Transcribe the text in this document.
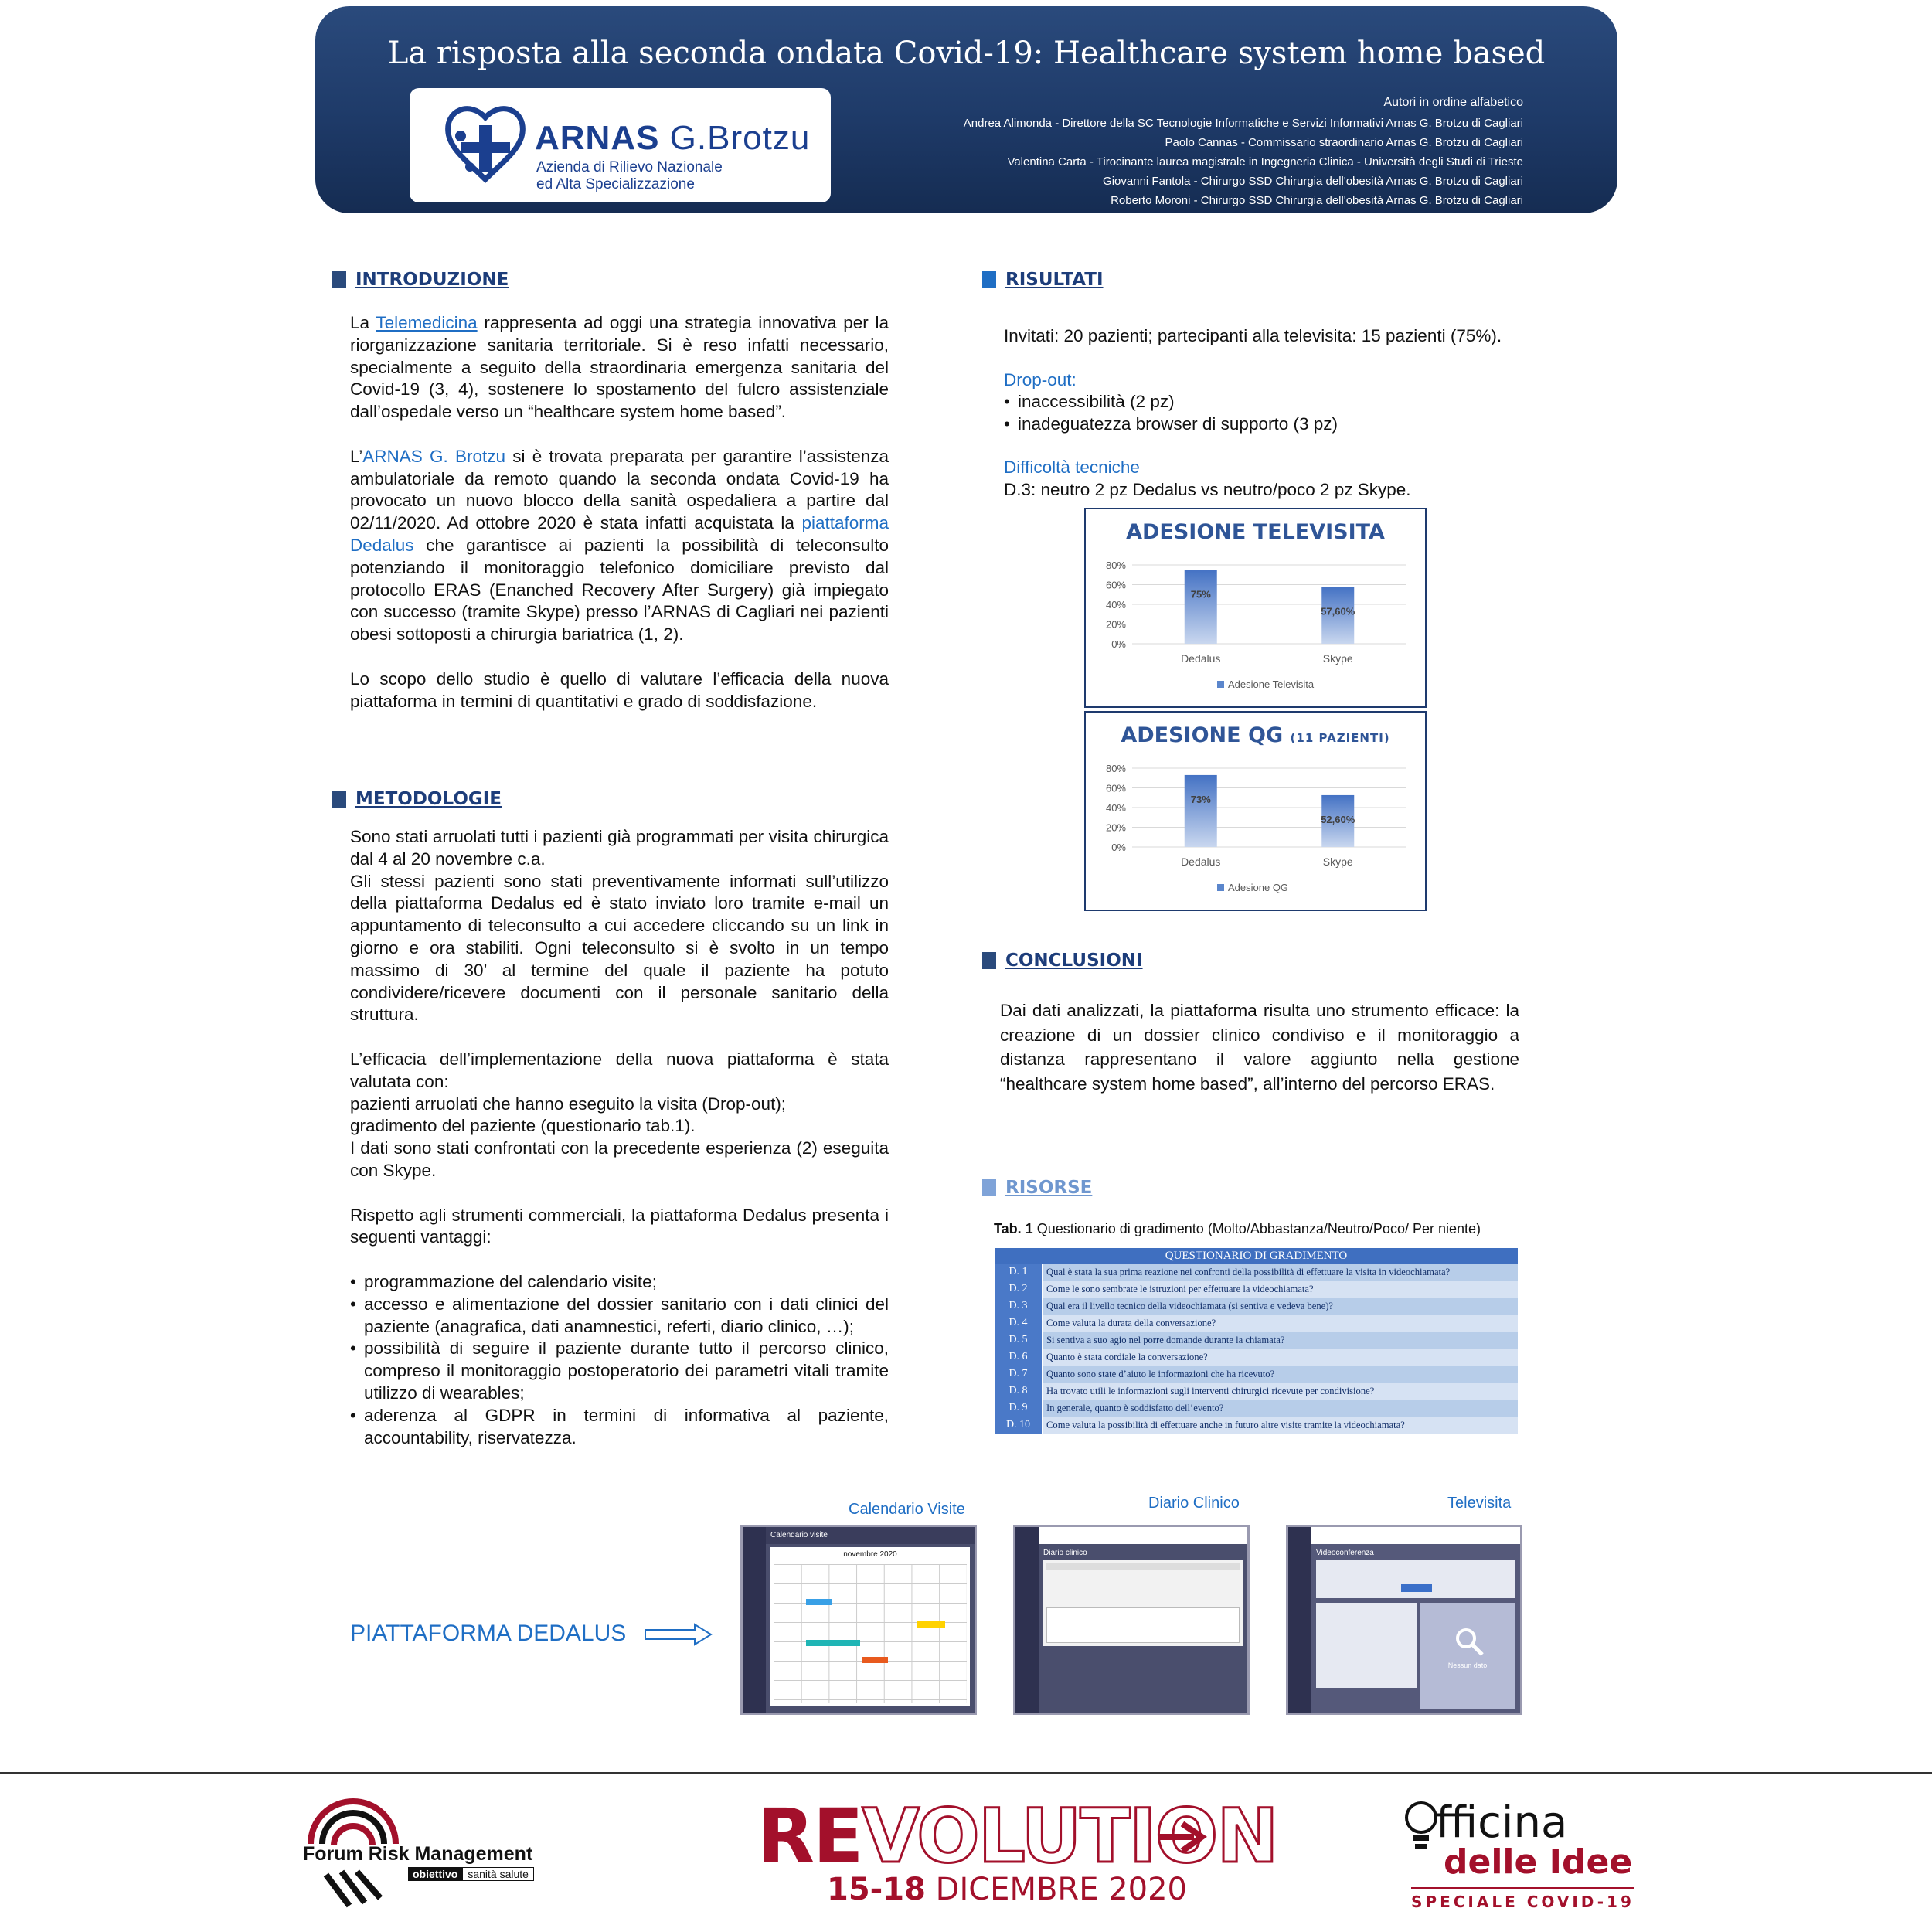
La risposta alla seconda ondata Covid-19: Healthcare system home based
ARNAS G.Brotzu
Azienda di Rilievo Nazionale
ed Alta Specializzazione
Autori in ordine alfabetico
Andrea Alimonda - Direttore della SC Tecnologie Informatiche e Servizi Informativi Arnas G. Brotzu di Cagliari
Paolo Cannas - Commissario straordinario Arnas G. Brotzu di Cagliari
Valentina Carta - Tirocinante laurea magistrale in Ingegneria Clinica - Università degli Studi di Trieste
Giovanni Fantola - Chirurgo SSD Chirurgia dell'obesità Arnas G. Brotzu di Cagliari
Roberto Moroni - Chirurgo SSD Chirurgia dell'obesità Arnas G. Brotzu di Cagliari
INTRODUZIONE

La Telemedicina rappresenta ad oggi una strategia innovativa per la riorganizzazione sanitaria territoriale. Si è reso infatti necessario, specialmente a seguito della straordinaria emergenza sanitaria del Covid-19 (3, 4), sostenere lo spostamento del fulcro assistenziale dall’ospedale verso un “healthcare system home based”.

L’ARNAS G. Brotzu si è trovata preparata per garantire l’assistenza ambulatoriale da remoto quando la seconda ondata Covid-19 ha provocato un nuovo blocco della sanità ospedaliera a partire dal 02/11/2020. Ad ottobre 2020 è stata infatti acquistata la piattaforma Dedalus che garantisce ai pazienti la possibilità di teleconsulto potenziando il monitoraggio telefonico domiciliare previsto dal protocollo ERAS (Enanched Recovery After Surgery) già impiegato con successo (tramite Skype) presso l’ARNAS di Cagliari nei pazienti obesi sottoposti a chirurgia bariatrica (1, 2).

Lo scopo dello studio è quello di valutare l’efficacia della nuova piattaforma in termini di quantitativi e grado di soddisfazione.

METODOLOGIE
Sono stati arruolati tutti i pazienti già programmati per visita chirurgica dal 4 al 20 novembre c.a.

Gli stessi pazienti sono stati preventivamente informati sull’utilizzo della piattaforma Dedalus ed è stato inviato loro tramite e-mail un appuntamento di teleconsulto a cui accedere cliccando su un link in giorno e ora stabiliti. Ogni teleconsulto si è svolto in un tempo massimo di 30’ al termine del quale il paziente ha potuto condividere/ricevere documenti con il personale sanitario della struttura.

L’efficacia dell’implementazione della nuova piattaforma è stata valutata con:
pazienti arruolati che hanno eseguito la visita (Drop-out);
gradimento del paziente (questionario tab.1).

I dati sono stati confrontati con la precedente esperienza (2) eseguita con Skype.

Rispetto agli strumenti commerciali, la piattaforma Dedalus presenta i seguenti vantaggi:

• programmazione del calendario visite;
• accesso e alimentazione del dossier sanitario con i dati clinici del paziente (anagrafica, dati anamnestici, referti, diario clinico, …);
• possibilità di seguire il paziente durante tutto il percorso clinico, compreso il monitoraggio postoperatorio dei parametri vitali tramite utilizzo di wearables;
• aderenza al GDPR in termini di informativa al paziente, accountability, riservatezza.
RISULTATI
Invitati: 20 pazienti; partecipanti alla televisita: 15 pazienti (75%).
Drop-out:
• inaccessibilità (2 pz)
• inadeguatezza browser di supporto (3 pz)
Difficoltà tecniche
D.3: neutro 2 pz Dedalus vs neutro/poco 2 pz Skype.
ADESIONE TELEVISITA
0%
20%
40%
60%
80%
75%
Dedalus
57,60%
Skype
Adesione Televisita
ADESIONE QG (11 PAZIENTI)
0%
20%
40%
60%
80%
73%
Dedalus
52,60%
Skype
Adesione QG
CONCLUSIONI
Dai dati analizzati, la piattaforma risulta uno strumento efficace: la creazione di un dossier clinico condiviso e il monitoraggio a distanza rappresentano il valore aggiunto nella gestione “healthcare system home based”, all’interno del percorso ERAS.
RISORSE
Tab. 1 Questionario di gradimento (Molto/Abbastanza/Neutro/Poco/ Per niente)
QUESTIONARIO DI GRADIMENTO	
D. 1	Qual è stata la sua prima reazione nei confronti della possibilità di effettuare la visita in videochiamata?
D. 2	Come le sono sembrate le istruzioni per effettuare la videochiamata?
D. 3	Qual era il livello tecnico della videochiamata (si sentiva e vedeva bene)?
D. 4	Come valuta la durata della conversazione?
D. 5	Si sentiva a suo agio nel porre domande durante la chiamata?
D. 6	Quanto è stata cordiale la conversazione?
D. 7	Quanto sono state d’aiuto le informazioni che ha ricevuto?
D. 8	Ha trovato utili le informazioni sugli interventi chirurgici ricevute per condivisione?
D. 9	In generale, quanto è soddisfatto dell’evento?
D. 10	Come valuta la possibilità di effettuare anche in futuro altre visite tramite la videochiamata?
PIATTAFORMA DEDALUS
Calendario Visite	Diario Clinico	Televisita
Calendario visite
novembre 2020	Diario clinico	Videoconferenza
Nessun dato
Forum Risk Management
obiettivo sanità salute	REVOLUTION
15-18 DICEMBRE 2020
fficina
delle Idee
SPECIALE COVID-19
